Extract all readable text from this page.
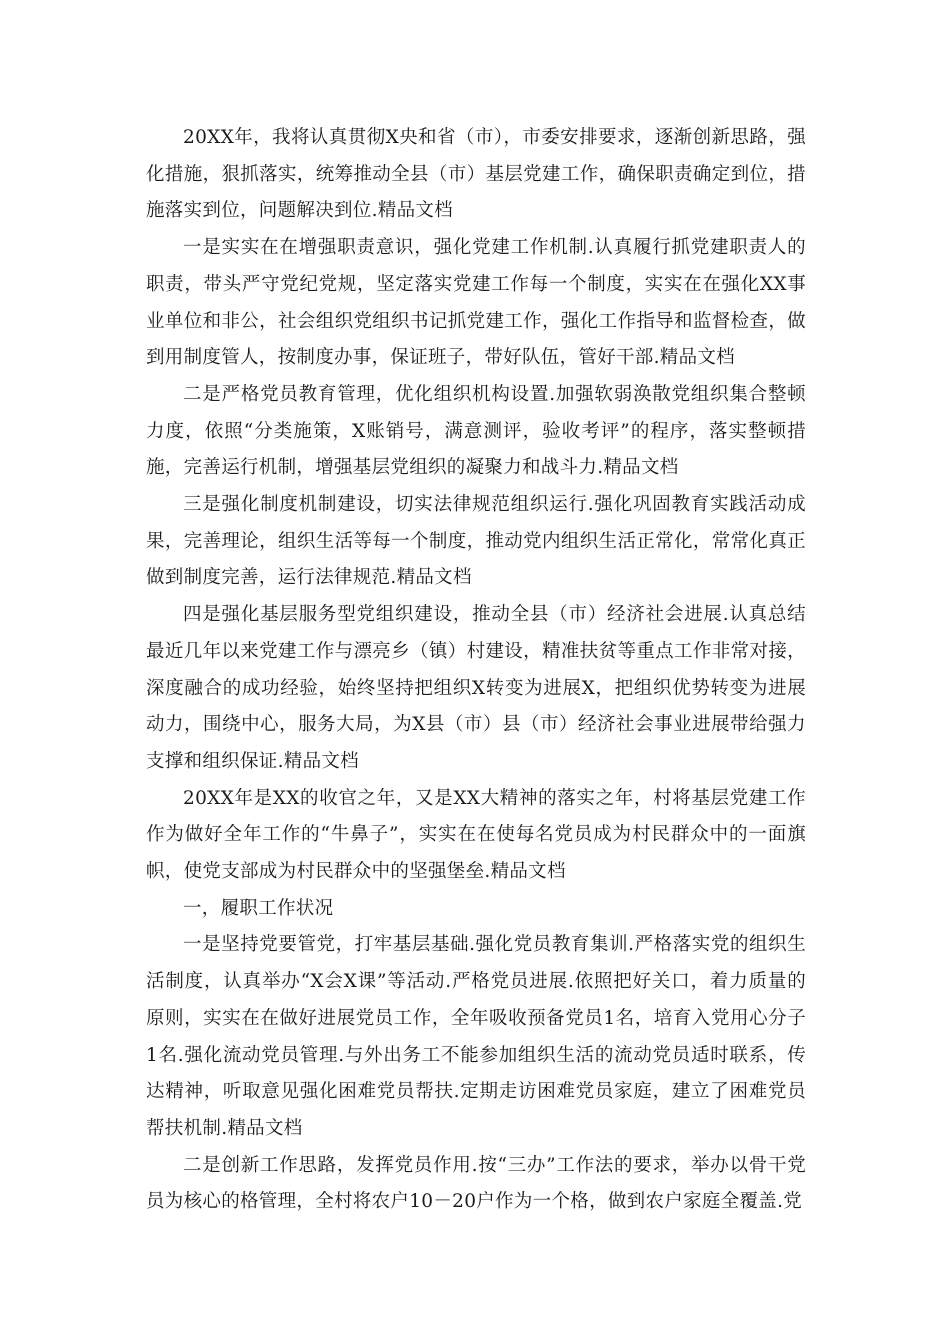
20XX年，我将认真贯彻X央和省（市），市委安排要求，逐渐创新思路，强化措施，狠抓落实，统筹推动全县（市）基层党建工作，确保职责确定到位，措施落实到位，问题解决到位.精品文档

一是实实在在增强职责意识，强化党建工作机制.认真履行抓党建职责人的职责，带头严守党纪党规，坚定落实党建工作每一个制度，实实在在强化XX事业单位和非公，社会组织党组织书记抓党建工作，强化工作指导和监督检查，做到用制度管人，按制度办事，保证班子，带好队伍，管好干部.精品文档

二是严格党员教育管理，优化组织机构设置.加强软弱涣散党组织集合整顿力度，依照“分类施策，X账销号，满意测评，验收考评”的程序，落实整顿措施，完善运行机制，增强基层党组织的凝聚力和战斗力.精品文档

三是强化制度机制建设，切实法律规范组织运行.强化巩固教育实践活动成果，完善理论，组织生活等每一个制度，推动党内组织生活正常化，常常化真正做到制度完善，运行法律规范.精品文档

四是强化基层服务型党组织建设，推动全县（市）经济社会进展.认真总结最近几年以来党建工作与漂亮乡（镇）村建设，精准扶贫等重点工作非常对接，深度融合的成功经验，始终坚持把组织X转变为进展X，把组织优势转变为进展动力，围绕中心，服务大局，为X县（市）县（市）经济社会事业进展带给强力支撑和组织保证.精品文档

20XX年是XX的收官之年，又是XX大精神的落实之年，村将基层党建工作作为做好全年工作的“牛鼻子”，实实在在使每名党员成为村民群众中的一面旗帜，使党支部成为村民群众中的坚强堡垒.精品文档

一，履职工作状况

一是坚持党要管党，打牢基层基础.强化党员教育集训.严格落实党的组织生活制度，认真举办“X会X课”等活动.严格党员进展.依照把好关口，着力质量的原则，实实在在做好进展党员工作，全年吸收预备党员1名，培育入党用心分子1名.强化流动党员管理.与外出务工不能参加组织生活的流动党员适时联系，传达精神，听取意见强化困难党员帮扶.定期走访困难党员家庭，建立了困难党员帮扶机制.精品文档

二是创新工作思路，发挥党员作用.按“三办”工作法的要求，举办以骨干党员为核心的格管理，全村将农户10－20户作为一个格，做到农户家庭全覆盖.党
